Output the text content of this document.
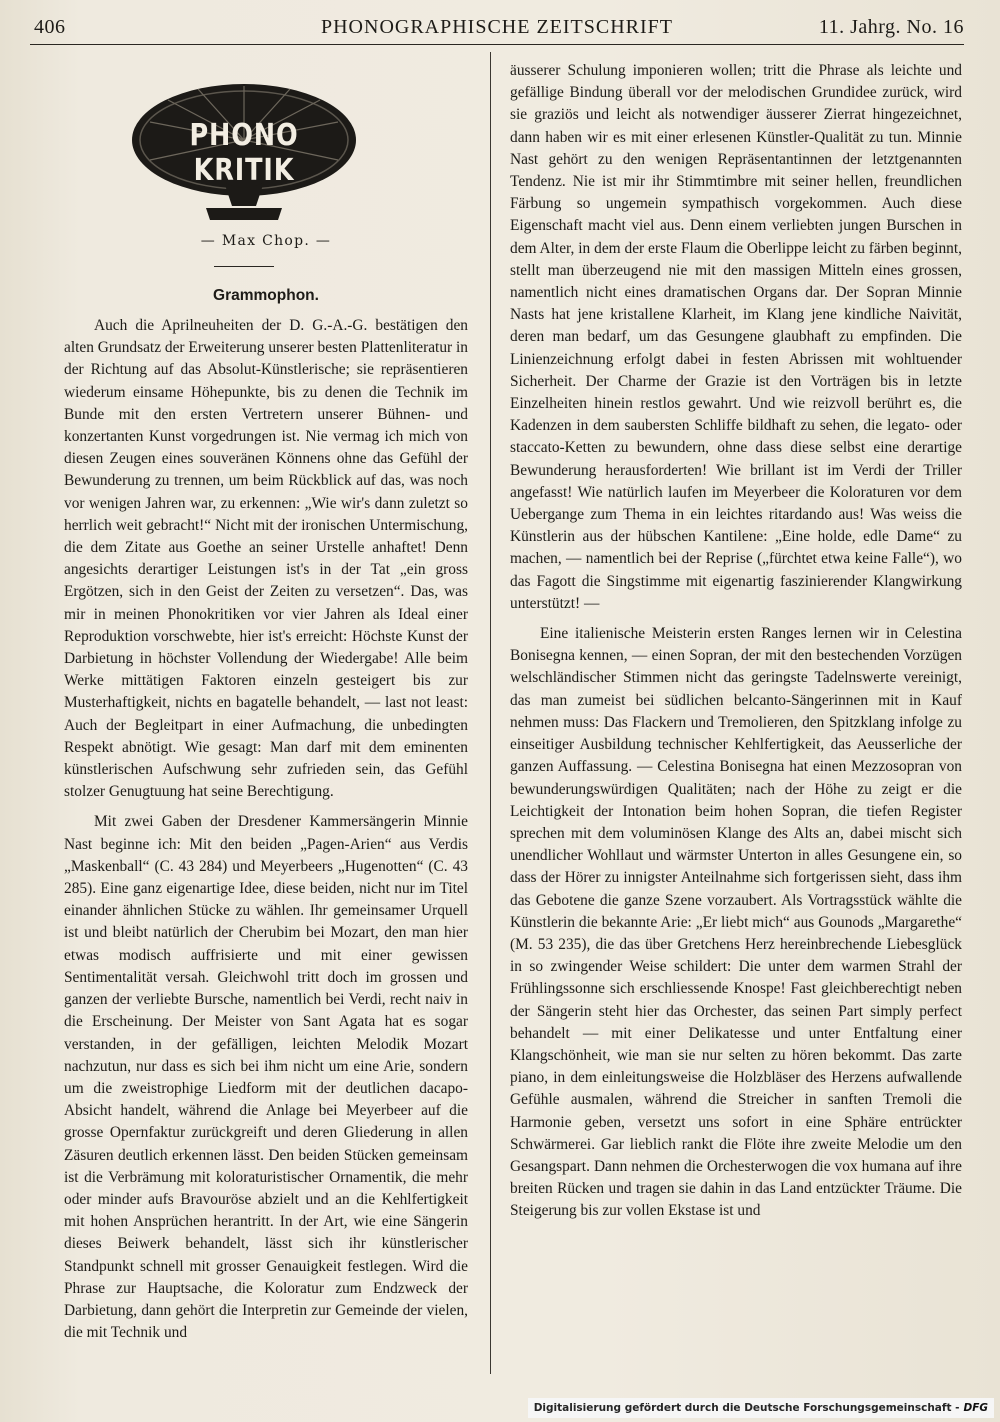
406	PHONOGRAPHISCHE ZEITSCHRIFT	11. Jahrg. No. 16
PHONO KRITIK
— Max Chop. —
Grammophon.

Auch die Aprilneuheiten der D. G.-A.-G. bestätigen den alten Grundsatz der Erweiterung unserer besten Plattenliteratur in der Richtung auf das Absolut-Künstlerische; sie repräsentieren wiederum einsame Höhepunkte, bis zu denen die Technik im Bunde mit den ersten Vertretern unserer Bühnen- und konzertanten Kunst vorgedrungen ist. Nie vermag ich mich von diesen Zeugen eines souveränen Könnens ohne das Gefühl der Bewunderung zu trennen, um beim Rückblick auf das, was noch vor wenigen Jahren war, zu erkennen: „Wie wir's dann zuletzt so herrlich weit gebracht!“ Nicht mit der ironischen Untermischung, die dem Zitate aus Goethe an seiner Urstelle anhaftet! Denn angesichts derartiger Leistungen ist's in der Tat „ein gross Ergötzen, sich in den Geist der Zeiten zu versetzen“. Das, was mir in meinen Phonokritiken vor vier Jahren als Ideal einer Reproduktion vorschwebte, hier ist's erreicht: Höchste Kunst der Darbietung in höchster Vollendung der Wiedergabe! Alle beim Werke mittätigen Faktoren einzeln gesteigert bis zur Musterhaftigkeit, nichts en bagatelle behandelt, — last not least: Auch der Begleitpart in einer Aufmachung, die unbedingten Respekt abnötigt. Wie gesagt: Man darf mit dem eminenten künstlerischen Aufschwung sehr zufrieden sein, das Gefühl stolzer Genugtuung hat seine Berechtigung.

Mit zwei Gaben der Dresdener Kammersängerin Minnie Nast beginne ich: Mit den beiden „Pagen-Arien“ aus Verdis „Maskenball“ (C. 43 284) und Meyerbeers „Hugenotten“ (C. 43 285). Eine ganz eigenartige Idee, diese beiden, nicht nur im Titel einander ähnlichen Stücke zu wählen. Ihr gemeinsamer Urquell ist und bleibt natürlich der Cherubim bei Mozart, den man hier etwas modisch auffrisierte und mit einer gewissen Sentimentalität versah. Gleichwohl tritt doch im grossen und ganzen der verliebte Bursche, namentlich bei Verdi, recht naiv in die Erscheinung. Der Meister von Sant Agata hat es sogar verstanden, in der gefälligen, leichten Melodik Mozart nachzutun, nur dass es sich bei ihm nicht um eine Arie, sondern um die zweistrophige Liedform mit der deutlichen dacapo-Absicht handelt, während die Anlage bei Meyerbeer auf die grosse Opernfaktur zurückgreift und deren Gliederung in allen Zäsuren deutlich erkennen lässt. Den beiden Stücken gemeinsam ist die Verbrämung mit koloraturistischer Ornamentik, die mehr oder minder aufs Bravouröse abzielt und an die Kehlfertigkeit mit hohen Ansprüchen herantritt. In der Art, wie eine Sängerin dieses Beiwerk behandelt, lässt sich ihr künstlerischer Standpunkt schnell mit grosser Genauigkeit festlegen. Wird die Phrase zur Hauptsache, die Koloratur zum Endzweck der Darbietung, dann gehört die Interpretin zur Gemeinde der vielen, die mit Technik und

äusserer Schulung imponieren wollen; tritt die Phrase als leichte und gefällige Bindung überall vor der melodischen Grundidee zurück, wird sie graziös und leicht als notwendiger äusserer Zierrat hingezeichnet, dann haben wir es mit einer erlesenen Künstler-Qualität zu tun. Minnie Nast gehört zu den wenigen Repräsentantinnen der letztgenannten Tendenz. Nie ist mir ihr Stimmtimbre mit seiner hellen, freundlichen Färbung so ungemein sympathisch vorgekommen. Auch diese Eigenschaft macht viel aus. Denn einem verliebten jungen Burschen in dem Alter, in dem der erste Flaum die Oberlippe leicht zu färben beginnt, stellt man überzeugend nie mit den massigen Mitteln eines grossen, namentlich nicht eines dramatischen Organs dar. Der Sopran Minnie Nasts hat jene kristallene Klarheit, im Klang jene kindliche Naivität, deren man bedarf, um das Gesungene glaubhaft zu empfinden. Die Linienzeichnung erfolgt dabei in festen Abrissen mit wohltuender Sicherheit. Der Charme der Grazie ist den Vorträgen bis in letzte Einzelheiten hinein restlos gewahrt. Und wie reizvoll berührt es, die Kadenzen in dem saubersten Schliffe bildhaft zu sehen, die legato- oder staccato-Ketten zu bewundern, ohne dass diese selbst eine derartige Bewunderung herausforderten! Wie brillant ist im Verdi der Triller angefasst! Wie natürlich laufen im Meyerbeer die Koloraturen vor dem Uebergange zum Thema in ein leichtes ritardando aus! Was weiss die Künstlerin aus der hübschen Kantilene: „Eine holde, edle Dame“ zu machen, — namentlich bei der Reprise („fürchtet etwa keine Falle“), wo das Fagott die Singstimme mit eigenartig faszinierender Klangwirkung unterstützt! —

Eine italienische Meisterin ersten Ranges lernen wir in Celestina Bonisegna kennen, — einen Sopran, der mit den bestechenden Vorzügen welschländischer Stimmen nicht das geringste Tadelnswerte vereinigt, das man zumeist bei südlichen belcanto-Sängerinnen mit in Kauf nehmen muss: Das Flackern und Tremolieren, den Spitzklang infolge zu einseitiger Ausbildung technischer Kehlfertigkeit, das Aeusserliche der ganzen Auffassung. — Celestina Bonisegna hat einen Mezzosopran von bewunderungswürdigen Qualitäten; nach der Höhe zu zeigt er die Leichtigkeit der Intonation beim hohen Sopran, die tiefen Register sprechen mit dem voluminösen Klange des Alts an, dabei mischt sich unendlicher Wohllaut und wärmster Unterton in alles Gesungene ein, so dass der Hörer zu innigster Anteilnahme sich fortgerissen sieht, dass ihm das Gebotene die ganze Szene vorzaubert. Als Vortragsstück wählte die Künstlerin die bekannte Arie: „Er liebt mich“ aus Gounods „Margarethe“ (M. 53 235), die das über Gretchens Herz hereinbrechende Liebesglück in so zwingender Weise schildert: Die unter dem warmen Strahl der Frühlingssonne sich erschliessende Knospe! Fast gleichberechtigt neben der Sängerin steht hier das Orchester, das seinen Part simply perfect behandelt — mit einer Delikatesse und unter Entfaltung einer Klangschönheit, wie man sie nur selten zu hören bekommt. Das zarte piano, in dem einleitungsweise die Holzbläser des Herzens aufwallende Gefühle ausmalen, während die Streicher in sanften Tremoli die Harmonie geben, versetzt uns sofort in eine Sphäre entrückter Schwärmerei. Gar lieblich rankt die Flöte ihre zweite Melodie um den Gesangspart. Dann nehmen die Orchesterwogen die vox humana auf ihre breiten Rücken und tragen sie dahin in das Land entzückter Träume. Die Steigerung bis zur vollen Ekstase ist und

Digitalisierung gefördert durch die Deutsche Forschungsgemeinschaft - DFG
